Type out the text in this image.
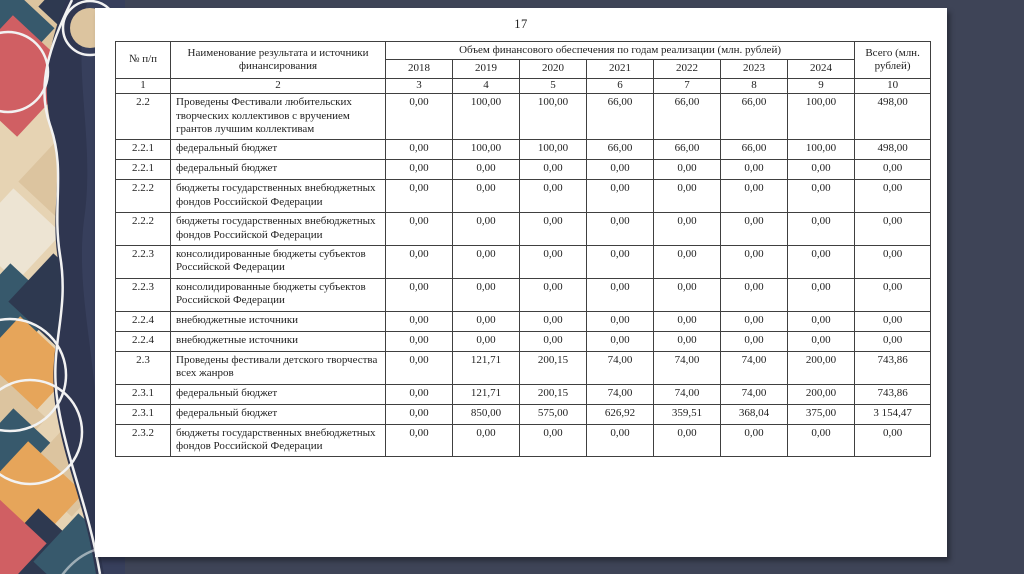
17
№ п/п	Наименование результата и источники финансирования	Объем финансового обеспечения по годам реализации (млн. рублей)							Всего (млн. рублей)
		2018	2019	2020	2021	2022	2023	2024	
1	2	3	4	5	6	7	8	9	10
2.2	Проведены Фестивали любительских творческих коллективов с вручением грантов лучшим коллективам	0,00	100,00	100,00	66,00	66,00	66,00	100,00	498,00
2.2.1	федеральный бюджет	0,00	100,00	100,00	66,00	66,00	66,00	100,00	498,00
2.2.1	федеральный бюджет	0,00	0,00	0,00	0,00	0,00	0,00	0,00	0,00
2.2.2	бюджеты государственных внебюджетных фондов Российской Федерации	0,00	0,00	0,00	0,00	0,00	0,00	0,00	0,00
2.2.2	бюджеты государственных внебюджетных фондов Российской Федерации	0,00	0,00	0,00	0,00	0,00	0,00	0,00	0,00
2.2.3	консолидированные бюджеты субъектов Российской Федерации	0,00	0,00	0,00	0,00	0,00	0,00	0,00	0,00
2.2.3	консолидированные бюджеты субъектов Российской Федерации	0,00	0,00	0,00	0,00	0,00	0,00	0,00	0,00
2.2.4	внебюджетные источники	0,00	0,00	0,00	0,00	0,00	0,00	0,00	0,00
2.2.4	внебюджетные источники	0,00	0,00	0,00	0,00	0,00	0,00	0,00	0,00
2.3	Проведены фестивали детского творчества всех жанров	0,00	121,71	200,15	74,00	74,00	74,00	200,00	743,86
2.3.1	федеральный бюджет	0,00	121,71	200,15	74,00	74,00	74,00	200,00	743,86
2.3.1	федеральный бюджет	0,00	850,00	575,00	626,92	359,51	368,04	375,00	3 154,47
2.3.2	бюджеты государственных внебюджетных фондов Российской Федерации	0,00	0,00	0,00	0,00	0,00	0,00	0,00	0,00
